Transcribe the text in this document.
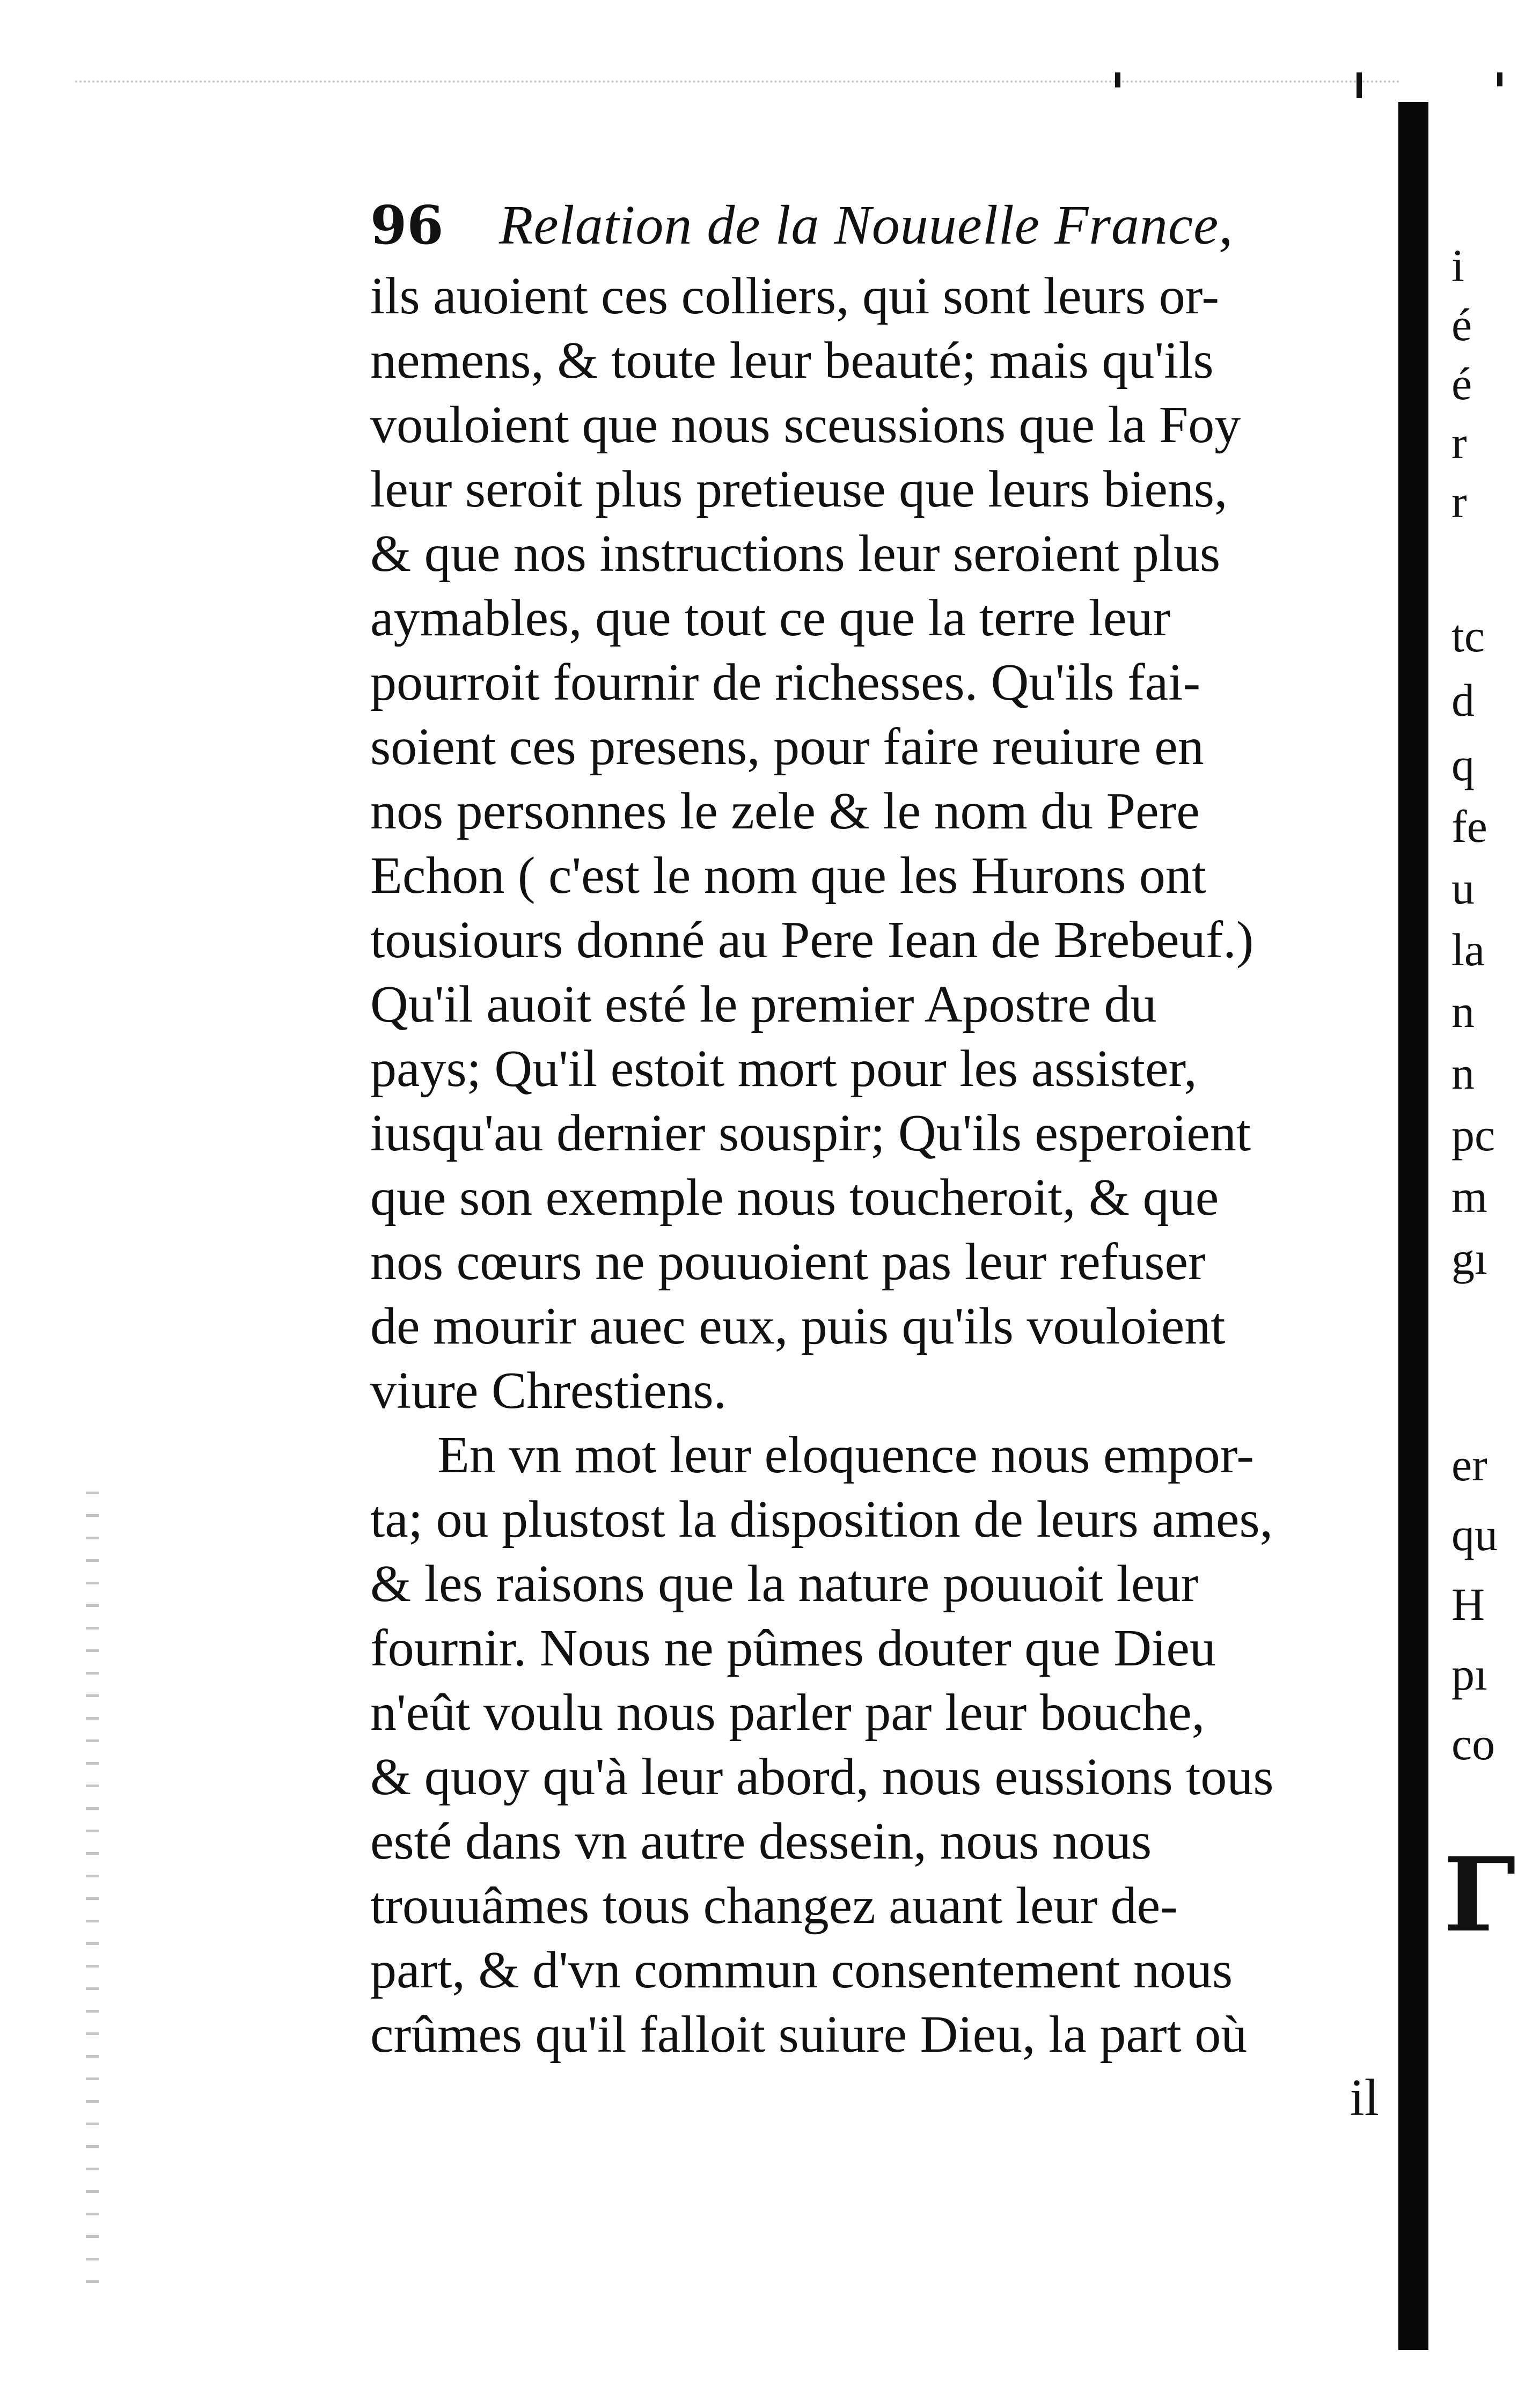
96 Relation de la Nouuelle France,
ils auoient ces colliers, qui sont leurs or-
nemens, & toute leur beauté; mais qu'ils
vouloient que nous sceussions que la Foy
leur seroit plus pretieuse que leurs biens,
& que nos instructions leur seroient plus
aymables, que tout ce que la terre leur
pourroit fournir de richesses. Qu'ils fai-
soient ces presens, pour faire reuiure en
nos personnes le zele & le nom du Pere
Echon ( c'est le nom que les Hurons ont
tousiours donné au Pere Iean de Brebeuf.)
Qu'il auoit esté le premier Apostre du
pays; Qu'il estoit mort pour les assister,
iusqu'au dernier souspir; Qu'ils esperoient
que son exemple nous toucheroit, & que
nos cœurs ne pouuoient pas leur refuser
de mourir auec eux, puis qu'ils vouloient
viure Chrestiens.
En vn mot leur eloquence nous empor-
ta; ou plustost la disposition de leurs ames,
& les raisons que la nature pouuoit leur
fournir. Nous ne pûmes douter que Dieu
n'eût voulu nous parler par leur bouche,
& quoy qu'à leur abord, nous eussions tous
esté dans vn autre dessein, nous nous
trouuâmes tous changez auant leur de-
part, & d'vn commun consentement nous
crûmes qu'il falloit suiure Dieu, la part où
il
i
é
é
r
r
tc
d
q
fe
u
la
n
n
pc
m
gı
er
qu
H
pı
co
Γ
